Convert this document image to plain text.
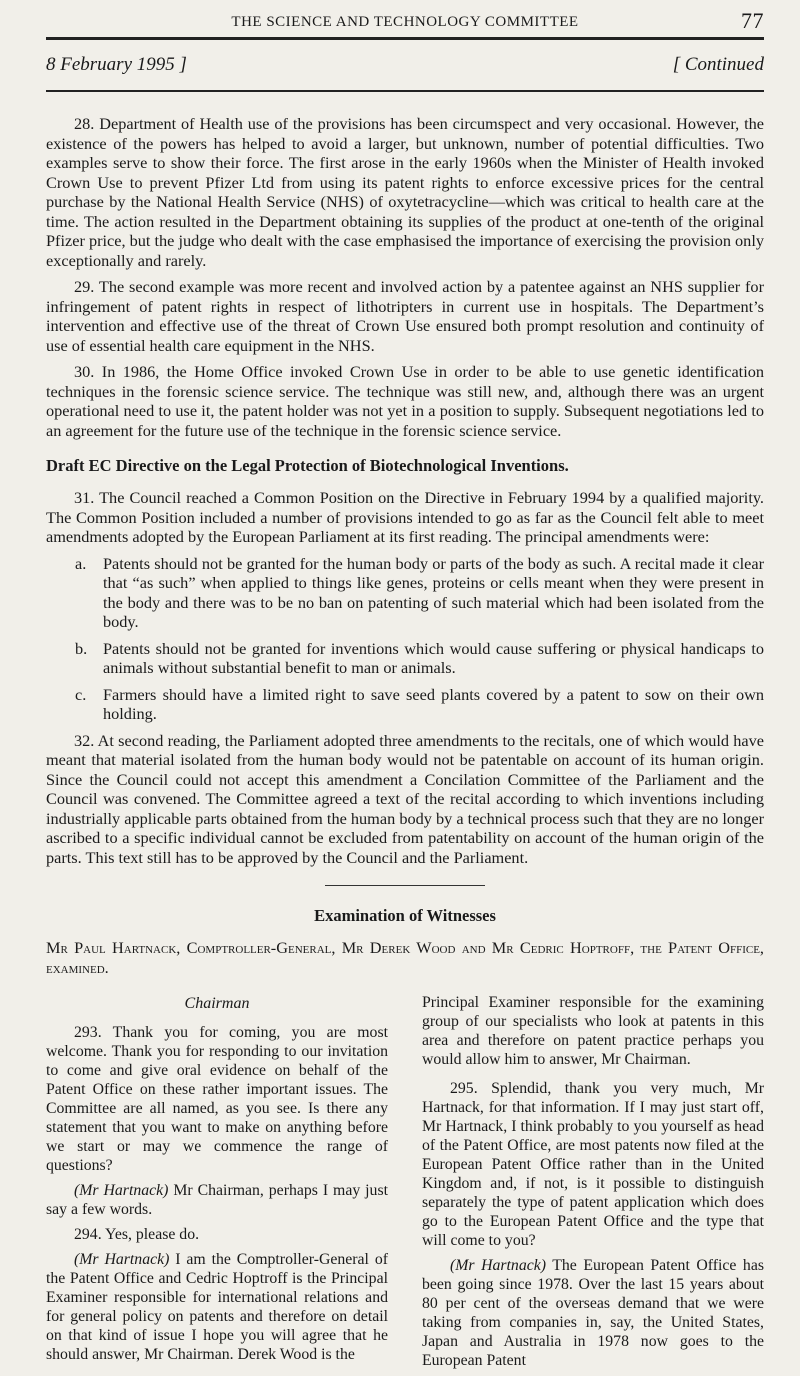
THE SCIENCE AND TECHNOLOGY COMMITTEE	77
8 February 1995 ]	[ Continued

28. Department of Health use of the provisions has been circumspect and very occasional. However, the existence of the powers has helped to avoid a larger, but unknown, number of potential difficulties. Two examples serve to show their force. The first arose in the early 1960s when the Minister of Health invoked Crown Use to prevent Pfizer Ltd from using its patent rights to enforce excessive prices for the central purchase by the National Health Service (NHS) of oxytetracycline—which was critical to health care at the time. The action resulted in the Department obtaining its supplies of the product at one-tenth of the original Pfizer price, but the judge who dealt with the case emphasised the importance of exercising the provision only exceptionally and rarely.

29. The second example was more recent and involved action by a patentee against an NHS supplier for infringement of patent rights in respect of lithotripters in current use in hospitals. The Department’s intervention and effective use of the threat of Crown Use ensured both prompt resolution and continuity of use of essential health care equipment in the NHS.

30. In 1986, the Home Office invoked Crown Use in order to be able to use genetic identification techniques in the forensic science service. The technique was still new, and, although there was an urgent operational need to use it, the patent holder was not yet in a position to supply. Subsequent negotiations led to an agreement for the future use of the technique in the forensic science service.

Draft EC Directive on the Legal Protection of Biotechnological Inventions.

31. The Council reached a Common Position on the Directive in February 1994 by a qualified majority. The Common Position included a number of provisions intended to go as far as the Council felt able to meet amendments adopted by the European Parliament at its first reading. The principal amendments were:

a.	Patents should not be granted for the human body or parts of the body as such. A recital made it clear that “as such” when applied to things like genes, proteins or cells meant when they were present in the body and there was to be no ban on patenting of such material which had been isolated from the body.
b. Patents should not be granted for inventions which would cause suffering or physical handicaps to animals without substantial benefit to man or animals.
c.	Farmers should have a limited right to save seed plants covered by a patent to sow on their own holding.

32. At second reading, the Parliament adopted three amendments to the recitals, one of which would have meant that material isolated from the human body would not be patentable on account of its human origin. Since the Council could not accept this amendment a Concilation Committee of the Parliament and the Council was convened. The Committee agreed a text of the recital according to which inventions including industrially applicable parts obtained from the human body by a technical process such that they are no longer ascribed to a specific individual cannot be excluded from patentability on account of the human origin of the parts. This text still has to be approved by the Council and the Parliament.

Examination of Witnesses
Mr Paul Hartnack, Comptroller-General, Mr Derek Wood and Mr Cedric Hoptroff, the Patent Office, examined.
Chairman

293. Thank you for coming, you are most welcome. Thank you for responding to our invitation to come and give oral evidence on behalf of the Patent Office on these rather important issues. The Committee are all named, as you see. Is there any statement that you want to make on anything before we start or may we commence the range of questions?

(Mr Hartnack) Mr Chairman, perhaps I may just say a few words.

294. Yes, please do.

(Mr Hartnack) I am the Comptroller-General of the Patent Office and Cedric Hoptroff is the Principal Examiner responsible for international relations and for general policy on patents and therefore on detail on that kind of issue I hope you will agree that he should answer, Mr Chairman. Derek Wood is the

Principal Examiner responsible for the examining group of our specialists who look at patents in this area and therefore on patent practice perhaps you would allow him to answer, Mr Chairman.

295. Splendid, thank you very much, Mr Hartnack, for that information. If I may just start off, Mr Hartnack, I think probably to you yourself as head of the Patent Office, are most patents now filed at the European Patent Office rather than in the United Kingdom and, if not, is it possible to distinguish separately the type of patent application which does go to the European Patent Office and the type that will come to you?

(Mr Hartnack) The European Patent Office has been going since 1978. Over the last 15 years about 80 per cent of the overseas demand that we were taking from companies in, say, the United States, Japan and Australia in 1978 now goes to the European Patent
